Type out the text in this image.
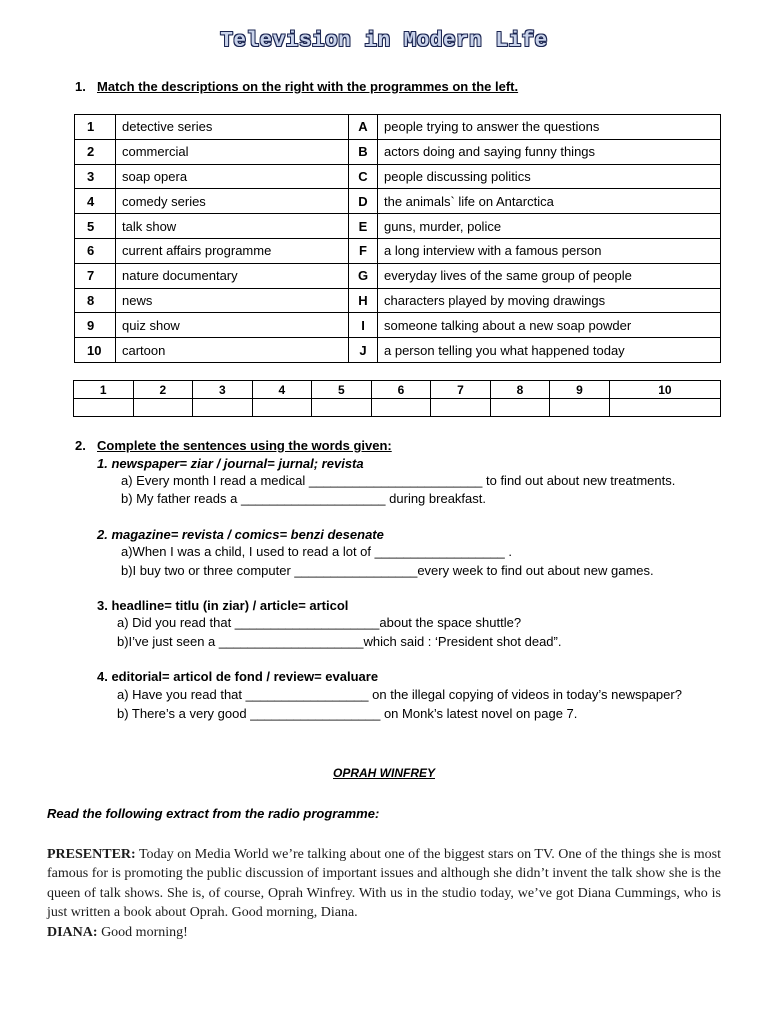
Television in Modern Life
1. Match the descriptions on the right with the programmes on the left.
1	detective series	A	people trying to answer the questions
2	commercial	B	actors doing and saying funny things
3	soap opera	C	people discussing politics
4	comedy series	D	the animals` life on Antarctica
5	talk show	E	guns, murder, police
6	current affairs programme	F	a long interview with a famous person
7	nature documentary	G	everyday lives of the same group of people
8	news	H	characters played by moving drawings
9	quiz show	I	someone talking about a new soap powder
10	cartoon	J	a person telling you what happened today
1	2	3	4	5	6	7	8	9	10

2. Complete the sentences using the words given:
1. newspaper= ziar / journal= jurnal; revista
a) Every month I read a medical ________________________ to find out about new treatments.
b) My father reads a ____________________ during breakfast.
2. magazine= revista / comics= benzi desenate
a)When I was a child, I used to read a lot of __________________ .
b)I buy two or three computer _________________every week to find out about new games.
3. headline= titlu (in ziar) / article= articol
a) Did you read that ____________________about the space shuttle?
b)I’ve just seen a ____________________which said : ‘President shot dead”.
4. editorial= articol de fond / review= evaluare
a) Have you read that _________________ on the illegal copying of videos in today’s newspaper?
b) There’s a very good __________________ on Monk’s latest novel on page 7.
OPRAH WINFREY
Read the following extract from the radio programme:

PRESENTER: Today on Media World we’re talking about one of the biggest stars on TV. One of the things she is most famous for is promoting the public discussion of important issues and although she didn’t invent the talk show she is the queen of talk shows. She is, of course, Oprah Winfrey. With us in the studio today, we’ve got Diana Cummings, who is just written a book about Oprah. Good morning, Diana.

DIANA: Good morning!
